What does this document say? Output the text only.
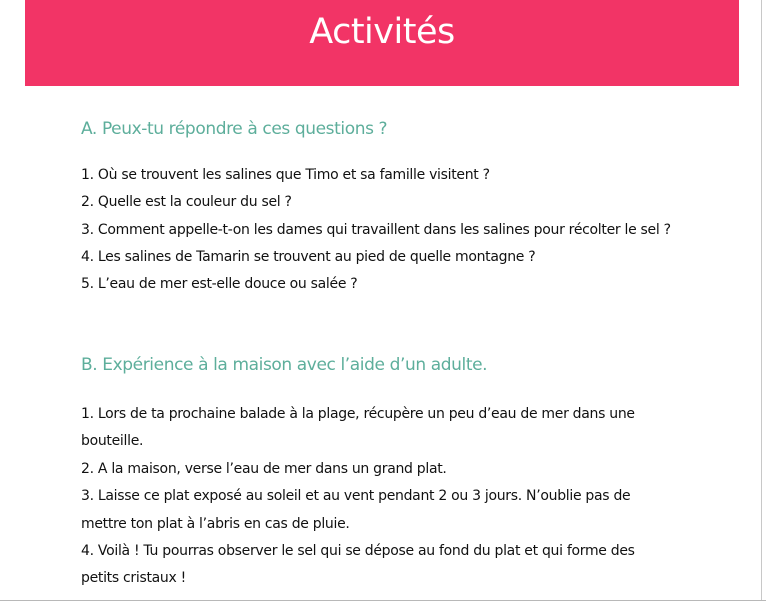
Activités
A. Peux-tu répondre à ces questions ?
1. Où se trouvent les salines que Timo et sa famille visitent ?
2. Quelle est la couleur du sel ?
3. Comment appelle-t-on les dames qui travaillent dans les salines pour récolter le sel ?
4. Les salines de Tamarin se trouvent au pied de quelle montagne ?
5. L’eau de mer est-elle douce ou salée ?
B. Expérience à la maison avec l’aide d’un adulte.
1. Lors de ta prochaine balade à la plage, récupère un peu d’eau de mer dans une bouteille.
2. A la maison, verse l’eau de mer dans un grand plat.
3. Laisse ce plat exposé au soleil et au vent pendant 2 ou 3 jours. N’oublie pas de mettre ton plat à l’abris en cas de pluie.
4. Voilà ! Tu pourras observer le sel qui se dépose au fond du plat et qui forme des petits cristaux !
